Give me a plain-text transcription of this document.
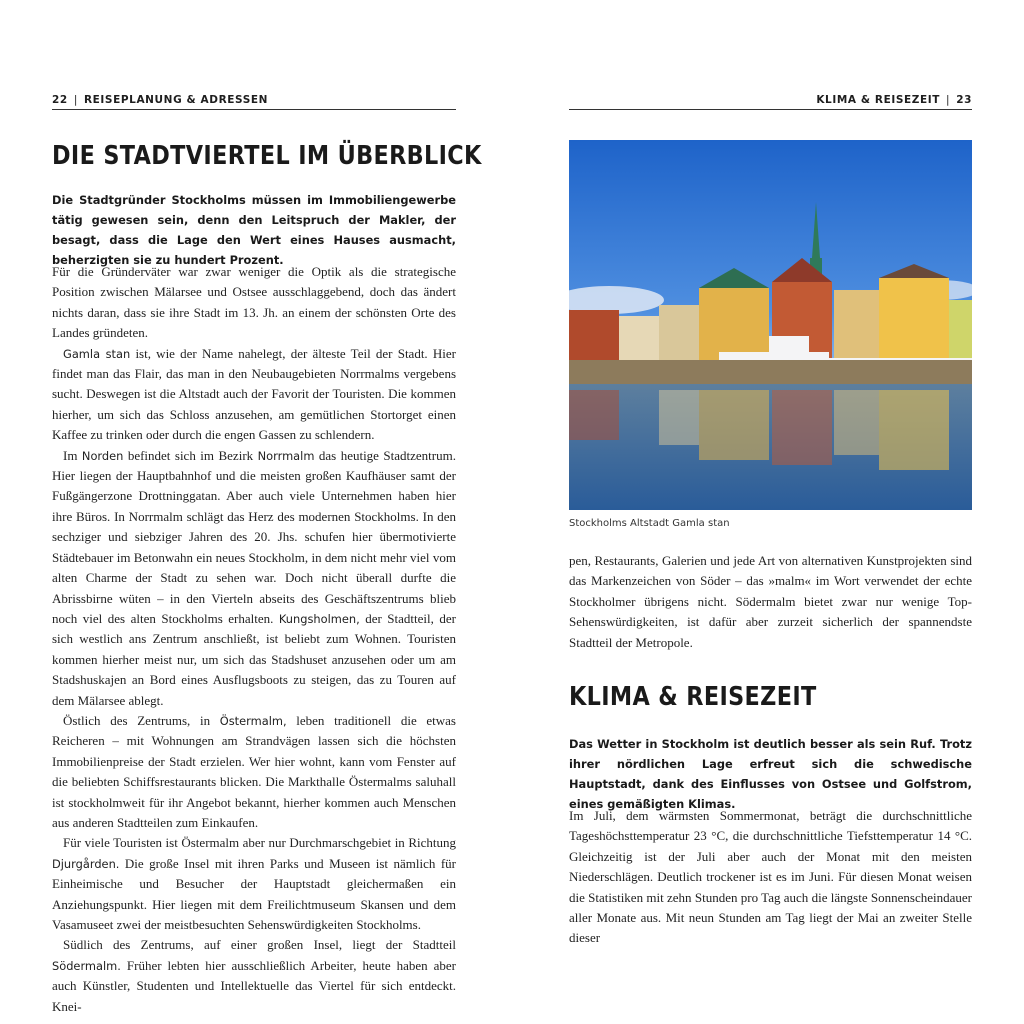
22 | REISEPLANUNG & ADRESSEN
DIE STADTVIERTEL IM ÜBERBLICK

Die Stadtgründer Stockholms müssen im Immobiliengewerbe tätig gewesen sein, denn den Leitspruch der Makler, der besagt, dass die Lage den Wert eines Hauses ausmacht, beherzigten sie zu hundert Prozent.

Für die Gründerväter war zwar weniger die Optik als die strategische Position zwischen Mälarsee und Ostsee ausschlaggebend, doch das ändert nichts daran, dass sie ihre Stadt im 13. Jh. an einem der schönsten Orte des Landes gründeten.

Gamla stan ist, wie der Name nahelegt, der älteste Teil der Stadt. Hier findet man das Flair, das man in den Neubaugebieten Norrmalms vergebens sucht. Deswegen ist die Altstadt auch der Favorit der Touristen. Die kommen hierher, um sich das Schloss anzusehen, am gemütlichen Stortorget einen Kaffee zu trinken oder durch die engen Gassen zu schlendern.

Im Norden befindet sich im Bezirk Norrmalm das heutige Stadtzentrum. Hier liegen der Hauptbahnhof und die meisten großen Kaufhäuser samt der Fußgängerzone Drottninggatan. Aber auch viele Unternehmen haben hier ihre Büros. In Norrmalm schlägt das Herz des modernen Stockholms. In den sechziger und siebziger Jahren des 20. Jhs. schufen hier übermotivierte Städtebauer im Betonwahn ein neues Stockholm, in dem nicht mehr viel vom alten Charme der Stadt zu sehen war. Doch nicht überall durfte die Abrissbirne wüten – in den Vierteln abseits des Geschäftszentrums blieb noch viel des alten Stockholms erhalten. Kungsholmen, der Stadtteil, der sich westlich ans Zentrum anschließt, ist beliebt zum Wohnen. Touristen kommen hierher meist nur, um sich das Stadshuset anzusehen oder um am Stadshuskajen an Bord eines Ausflugsboots zu steigen, das zu Touren auf dem Mälarsee ablegt.

Östlich des Zentrums, in Östermalm, leben traditionell die etwas Reicheren – mit Wohnungen am Strandvägen lassen sich die höchsten Immobilienpreise der Stadt erzielen. Wer hier wohnt, kann vom Fenster auf die beliebten Schiffsrestaurants blicken. Die Markthalle Östermalms saluhall ist stockholmweit für ihr Angebot bekannt, hierher kommen auch Menschen aus anderen Stadtteilen zum Einkaufen.

Für viele Touristen ist Östermalm aber nur Durchmarschgebiet in Richtung Djurgården. Die große Insel mit ihren Parks und Museen ist nämlich für Einheimische und Besucher der Hauptstadt gleichermaßen ein Anziehungspunkt. Hier liegen mit dem Freilichtmuseum Skansen und dem Vasamuseet zwei der meistbesuchten Sehenswürdigkeiten Stockholms.

Südlich des Zentrums, auf einer großen Insel, liegt der Stadtteil Södermalm. Früher lebten hier ausschließlich Arbeiter, heute haben aber auch Künstler, Studenten und Intellektuelle das Viertel für sich entdeckt. Knei-

KLIMA & REISEZEIT | 23
Stockholms Altstadt Gamla stan

pen, Restaurants, Galerien und jede Art von alternativen Kunstprojekten sind das Markenzeichen von Söder – das »malm« im Wort verwendet der echte Stockholmer übrigens nicht. Södermalm bietet zwar nur wenige Top-Sehenswürdigkeiten, ist dafür aber zurzeit sicherlich der spannendste Stadtteil der Metropole.

KLIMA & REISEZEIT

Das Wetter in Stockholm ist deutlich besser als sein Ruf. Trotz ihrer nördlichen Lage erfreut sich die schwedische Hauptstadt, dank des Einflusses von Ostsee und Golfstrom, eines gemäßigten Klimas.

Im Juli, dem wärmsten Sommermonat, beträgt die durchschnittliche Tageshöchsttemperatur 23 °C, die durchschnittliche Tiefsttemperatur 14 °C. Gleichzeitig ist der Juli aber auch der Monat mit den meisten Niederschlägen. Deutlich trockener ist es im Juni. Für diesen Monat weisen die Statistiken mit zehn Stunden pro Tag auch die längste Sonnenscheindauer aller Monate aus. Mit neun Stunden am Tag liegt der Mai an zweiter Stelle dieser
